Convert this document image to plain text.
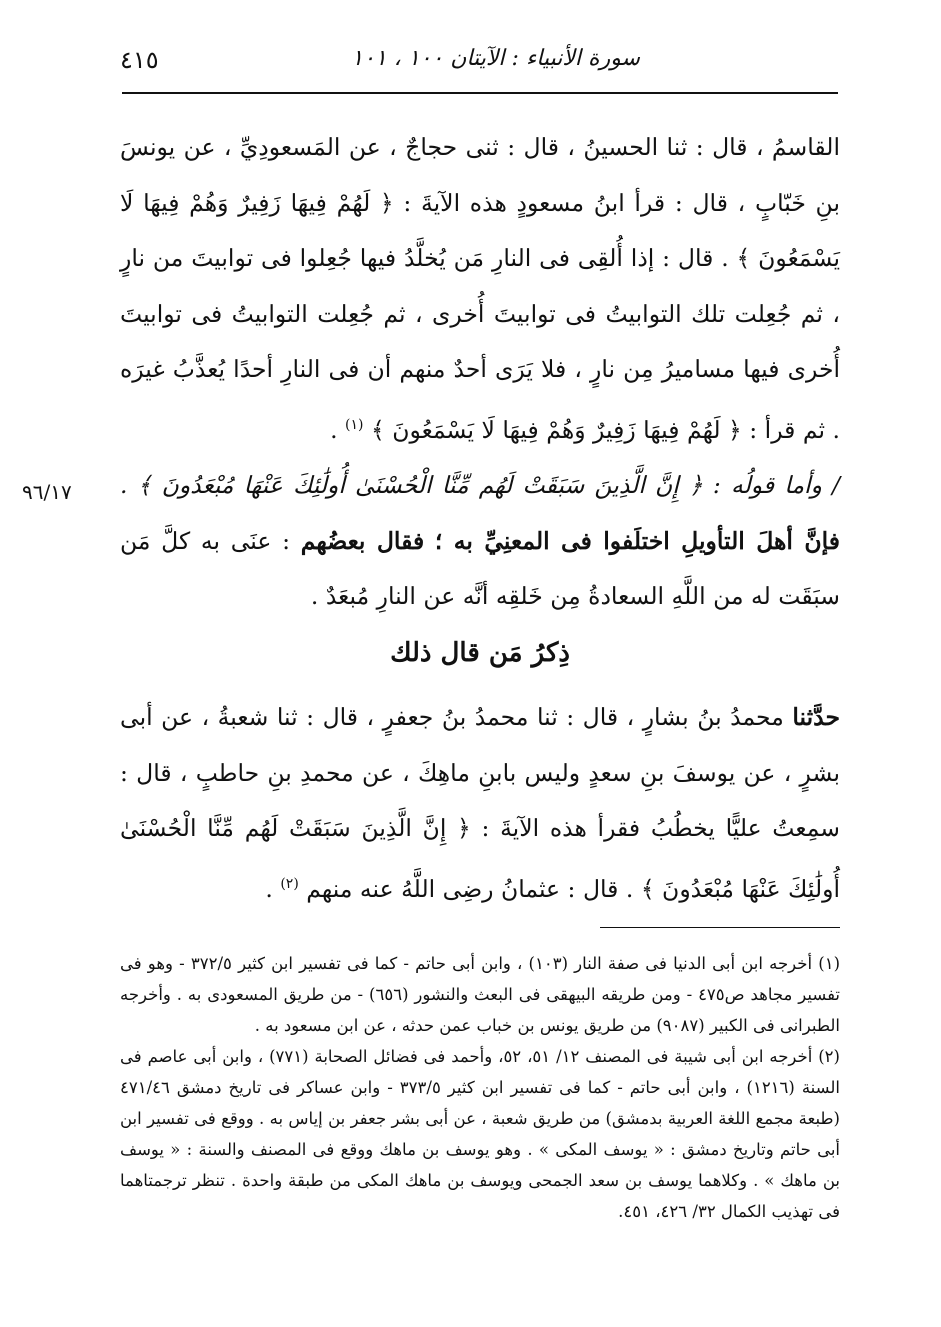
سورة الأنبياء : الآيتان ١٠٠ ، ١٠١
٤١٥

القاسمُ ، قال : ثنا الحسينُ ، قال : ثنى حجاجٌ ، عن المَسعودِيِّ ، عن يونسَ بنِ خَبّابٍ ، قال : قرأ ابنُ مسعودٍ هذه الآيةَ : ﴿ لَهُمْ فِيهَا زَفِيرٌ وَهُمْ فِيهَا لَا يَسْمَعُونَ ﴾ . قال : إذا أُلقِى فى النارِ مَن يُخلَّدُ فيها جُعِلوا فى توابيتَ من نارٍ ، ثم جُعِلت تلك التوابيتُ فى توابيتَ أُخرى ، ثم جُعِلت التوابيتُ فى توابيتَ أُخرى فيها مساميرُ مِن نارٍ ، فلا يَرَى أحدٌ منهم أن فى النارِ أحدًا يُعذَّبُ غيرَه . ثم قرأ : ﴿ لَهُمْ فِيهَا زَفِيرٌ وَهُمْ فِيهَا لَا يَسْمَعُونَ ﴾ $^{(١)}$ .

/ وأما قولُه : ﴿ إِنَّ الَّذِينَ سَبَقَتْ لَهُم مِّنَّا الْحُسْنَىٰ أُولَٰئِكَ عَنْهَا مُبْعَدُونَ ﴾ . فإنَّ أهلَ التأويلِ اختلَفوا فى المعنِيِّ به ؛ فقال بعضُهم : عنَى به كلَّ مَن سبَقَت له من اللَّهِ السعادةُ مِن خَلقِه أنَّه عن النارِ مُبعَدٌ .

٩٦/١٧
ذِكرُ مَن قال ذلك

حدَّثنا محمدُ بنُ بشارٍ ، قال : ثنا محمدُ بنُ جعفرٍ ، قال : ثنا شعبةُ ، عن أبى بشرٍ ، عن يوسفَ بنِ سعدٍ وليس بابنِ ماهِكَ ، عن محمدِ بنِ حاطبٍ ، قال : سمِعتُ عليًّا يخطُبُ فقرأ هذه الآيةَ : ﴿ إِنَّ الَّذِينَ سَبَقَتْ لَهُم مِّنَّا الْحُسْنَىٰ أُولَٰئِكَ عَنْهَا مُبْعَدُونَ ﴾ . قال : عثمانُ رضِى اللَّهُ عنه منهم $^{(٢)}$ .

(١) أخرجه ابن أبى الدنيا فى صفة النار (١٠٣) ، وابن أبى حاتم - كما فى تفسير ابن كثير ٣٧٢/٥ - وهو فى تفسير مجاهد ص٤٧٥ - ومن طريقه البيهقى فى البعث والنشور (٦٥٦) - من طريق المسعودى به . وأخرجه الطبرانى فى الكبير (٩٠٨٧) من طريق يونس بن خباب عمن حدثه ، عن ابن مسعود به .

(٢) أخرجه ابن أبى شيبة فى المصنف ١٢/ ٥١، ٥٢، وأحمد فى فضائل الصحابة (٧٧١) ، وابن أبى عاصم فى السنة (١٢١٦) ، وابن أبى حاتم - كما فى تفسير ابن كثير ٣٧٣/٥ - وابن عساكر فى تاريخ دمشق ٤٧١/٤٦ (طبعة مجمع اللغة العربية بدمشق) من طريق شعبة ، عن أبى بشر جعفر بن إياس به . ووقع فى تفسير ابن أبى حاتم وتاريخ دمشق : « يوسف المكى » . وهو يوسف بن ماهك ووقع فى المصنف والسنة : « يوسف بن ماهك » . وكلاهما يوسف بن سعد الجمحى ويوسف بن ماهك المكى من طبقة واحدة . تنظر ترجمتاهما فى تهذيب الكمال ٣٢/ ٤٢٦، ٤٥١.
